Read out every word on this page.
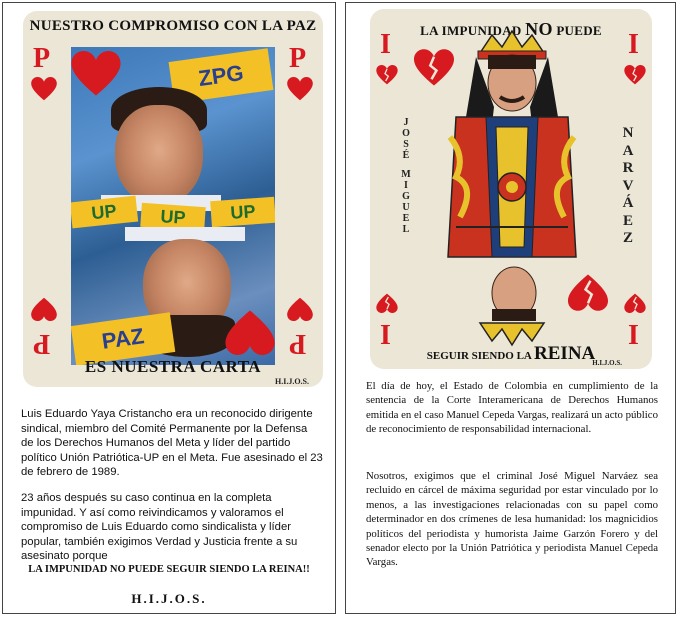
NUESTRO COMPROMISO CON LA PAZ
P	P
P	P
ZPG
UP	UP	UP
PAZ
ES NUESTRA CARTA
H.I.J.O.S.
Luis Eduardo Yaya Cristancho era un reconocido dirigente sindical, miembro del Comité Permanente por la Defensa de los Derechos Humanos del Meta y líder del partido político Unión Patriótica-UP en el Meta. Fue asesinado el 23 de febrero de 1989.
23 años después su caso continua en la completa impunidad. Y así como reivindicamos y valoramos el compromiso de Luis Eduardo como sindicalista y líder popular, también exigimos Verdad y Justicia frente a su asesinato porque
LA IMPUNIDAD NO PUEDE SEGUIR SIENDO LA REINA!!
H.I.J.O.S.
LA IMPUNIDAD NO PUEDE
I	I
I	I
J
O
S
É
M
I
G
U
E
L
N
A
R
V
Á
E
Z
SEGUIR SIENDO LA REINA
H.I.J.O.S.
El día de hoy, el Estado de Colombia en cumplimiento de la sentencia de la Corte Interamericana de Derechos Humanos emitida en el caso Manuel Cepeda Vargas, realizará un acto público de reconocimiento de responsabilidad internacional.
Nosotros, exigimos que el criminal José Miguel Narváez sea recluido en cárcel de máxima seguridad por estar vinculado por lo menos, a las investigaciones relacionadas con su papel como determinador en dos crímenes de lesa humanidad: los magnicidios políticos del periodista y humorista Jaime Garzón Forero y del senador electo por la Unión Patriótica y periodista Manuel Cepeda Vargas.
